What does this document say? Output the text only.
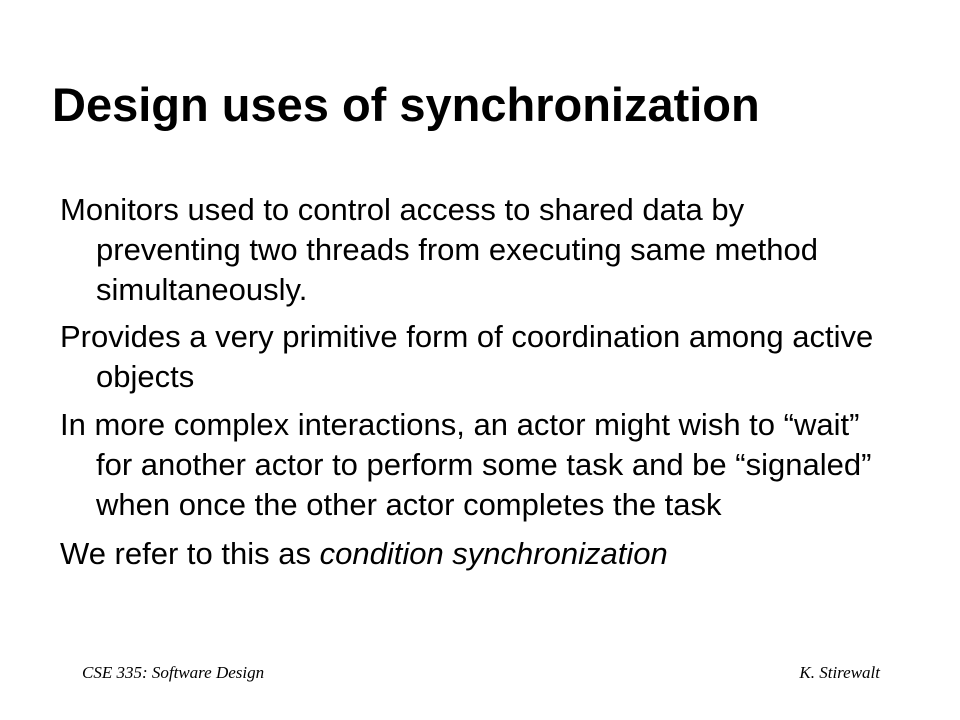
Design uses of synchronization
Monitors used to control access to shared data by preventing two threads from executing same method simultaneously.
Provides a very primitive form of coordination among active objects
In more complex interactions, an actor might wish to “wait” for another actor to perform some task and be “signaled” when once the other actor completes the task
We refer to this as condition synchronization
CSE 335: Software Design	K. Stirewalt
